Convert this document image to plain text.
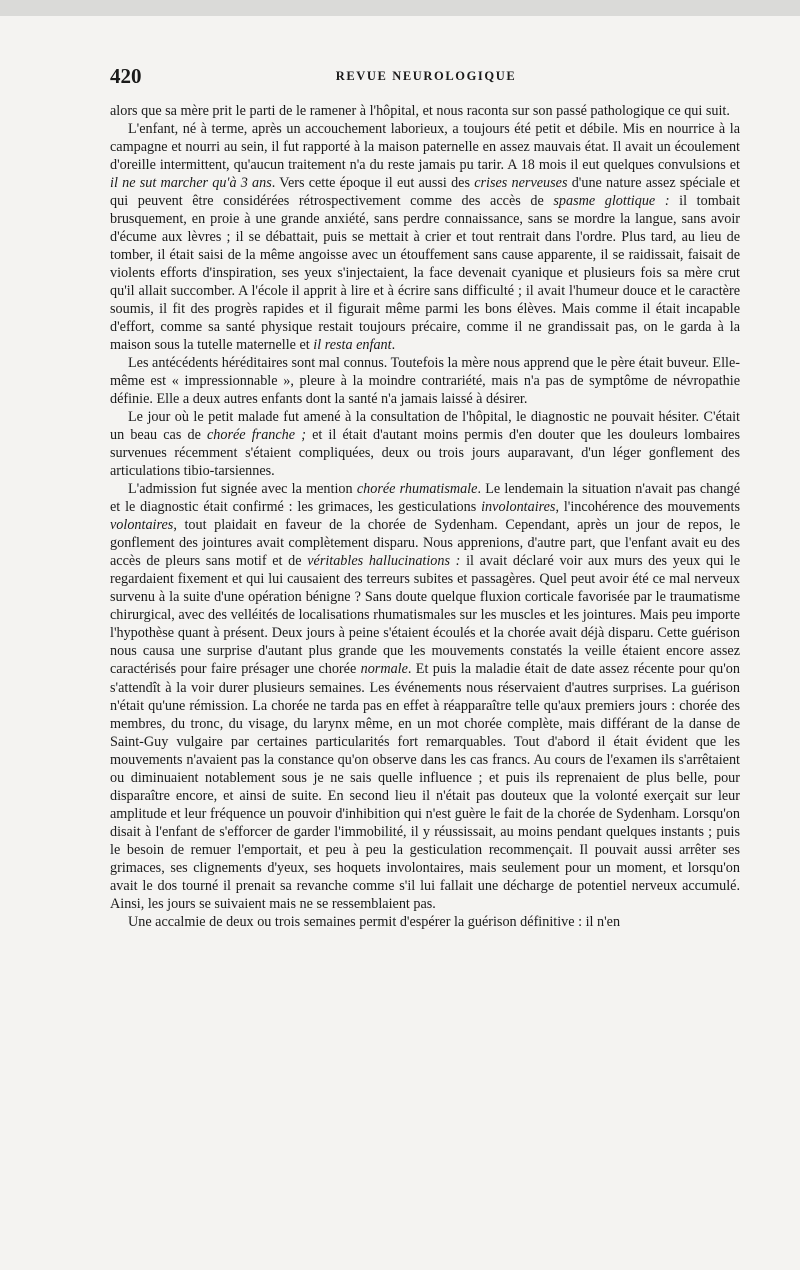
420	REVUE NEUROLOGIQUE

alors que sa mère prit le parti de le ramener à l'hôpital, et nous raconta sur son passé pathologique ce qui suit.

L'enfant, né à terme, après un accouchement laborieux, a toujours été petit et débile. Mis en nourrice à la campagne et nourri au sein, il fut rapporté à la maison paternelle en assez mauvais état. Il avait un écoulement d'oreille intermittent, qu'aucun traitement n'a du reste jamais pu tarir. A 18 mois il eut quelques convulsions et il ne sut marcher qu'à 3 ans. Vers cette époque il eut aussi des crises nerveuses d'une nature assez spéciale et qui peuvent être considérées rétrospectivement comme des accès de spasme glottique : il tombait brusquement, en proie à une grande anxiété, sans perdre connaissance, sans se mordre la langue, sans avoir d'écume aux lèvres ; il se débattait, puis se mettait à crier et tout rentrait dans l'ordre. Plus tard, au lieu de tomber, il était saisi de la même angoisse avec un étouffement sans cause apparente, il se raidissait, faisait de violents efforts d'inspiration, ses yeux s'injectaient, la face devenait cyanique et plusieurs fois sa mère crut qu'il allait succomber. A l'école il apprit à lire et à écrire sans difficulté ; il avait l'humeur douce et le caractère soumis, il fit des progrès rapides et il figurait même parmi les bons élèves. Mais comme il était incapable d'effort, comme sa santé physique restait toujours précaire, comme il ne grandissait pas, on le garda à la maison sous la tutelle maternelle et il resta enfant.

Les antécédents héréditaires sont mal connus. Toutefois la mère nous apprend que le père était buveur. Elle-même est « impressionnable », pleure à la moindre contrariété, mais n'a pas de symptôme de névropathie définie. Elle a deux autres enfants dont la santé n'a jamais laissé à désirer.

Le jour où le petit malade fut amené à la consultation de l'hôpital, le diagnostic ne pouvait hésiter. C'était un beau cas de chorée franche ; et il était d'autant moins permis d'en douter que les douleurs lombaires survenues récemment s'étaient compliquées, deux ou trois jours auparavant, d'un léger gonflement des articulations tibio-tarsiennes.

L'admission fut signée avec la mention chorée rhumatismale. Le lendemain la situation n'avait pas changé et le diagnostic était confirmé : les grimaces, les gesticulations involontaires, l'incohérence des mouvements volontaires, tout plaidait en faveur de la chorée de Sydenham. Cependant, après un jour de repos, le gonflement des jointures avait complètement disparu. Nous apprenions, d'autre part, que l'enfant avait eu des accès de pleurs sans motif et de véritables hallucinations : il avait déclaré voir aux murs des yeux qui le regardaient fixement et qui lui causaient des terreurs subites et passagères. Quel peut avoir été ce mal nerveux survenu à la suite d'une opération bénigne ? Sans doute quelque fluxion corticale favorisée par le traumatisme chirurgical, avec des velléités de localisations rhumatismales sur les muscles et les jointures. Mais peu importe l'hypothèse quant à présent. Deux jours à peine s'étaient écoulés et la chorée avait déjà disparu. Cette guérison nous causa une surprise d'autant plus grande que les mouvements constatés la veille étaient encore assez caractérisés pour faire présager une chorée normale. Et puis la maladie était de date assez récente pour qu'on s'attendît à la voir durer plusieurs semaines. Les événements nous réservaient d'autres surprises. La guérison n'était qu'une rémission. La chorée ne tarda pas en effet à réapparaître telle qu'aux premiers jours : chorée des membres, du tronc, du visage, du larynx même, en un mot chorée complète, mais différant de la danse de Saint-Guy vulgaire par certaines particularités fort remarquables. Tout d'abord il était évident que les mouvements n'avaient pas la constance qu'on observe dans les cas francs. Au cours de l'examen ils s'arrêtaient ou diminuaient notablement sous je ne sais quelle influence ; et puis ils reprenaient de plus belle, pour disparaître encore, et ainsi de suite. En second lieu il n'était pas douteux que la volonté exerçait sur leur amplitude et leur fréquence un pouvoir d'inhibition qui n'est guère le fait de la chorée de Sydenham. Lorsqu'on disait à l'enfant de s'efforcer de garder l'immobilité, il y réussissait, au moins pendant quelques instants ; puis le besoin de remuer l'emportait, et peu à peu la gesticulation recommençait. Il pouvait aussi arrêter ses grimaces, ses clignements d'yeux, ses hoquets involontaires, mais seulement pour un moment, et lorsqu'on avait le dos tourné il prenait sa revanche comme s'il lui fallait une décharge de potentiel nerveux accumulé. Ainsi, les jours se suivaient mais ne se ressemblaient pas.

Une accalmie de deux ou trois semaines permit d'espérer la guérison définitive : il n'en
